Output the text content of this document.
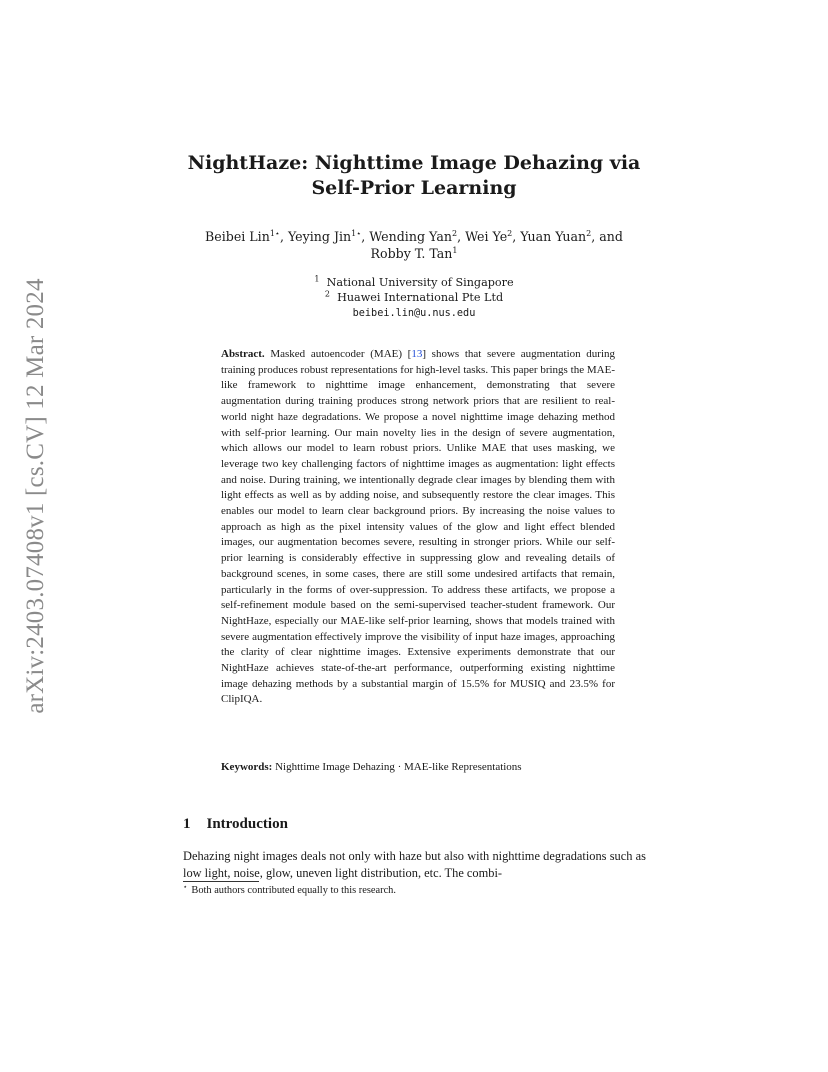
arXiv:2403.07408v1 [cs.CV] 12 Mar 2024
NightHaze: Nighttime Image Dehazing via
Self-Prior Learning

Beibei Lin$^{1⋆}$, Yeying Jin$^{1⋆}$, Wending Yan$^2$, Wei Ye$^2$, Yuan Yuan$^2$, and
Robby T. Tan$^1$

$^1$ National University of Singapore
$^2$ Huawei International Pte Ltd
beibei.lin@u.nus.edu

Abstract. Masked autoencoder (MAE) [13] shows that severe augmentation during training produces robust representations for high-level tasks. This paper brings the MAE-like framework to nighttime image enhancement, demonstrating that severe augmentation during training produces strong network priors that are resilient to real-world night haze degradations. We propose a novel nighttime image dehazing method with self-prior learning. Our main novelty lies in the design of severe augmentation, which allows our model to learn robust priors. Unlike MAE that uses masking, we leverage two key challenging factors of nighttime images as augmentation: light effects and noise. During training, we intentionally degrade clear images by blending them with light effects as well as by adding noise, and subsequently restore the clear images. This enables our model to learn clear background priors. By increasing the noise values to approach as high as the pixel intensity values of the glow and light effect blended images, our augmentation becomes severe, resulting in stronger priors. While our self-prior learning is considerably effective in suppressing glow and revealing details of background scenes, in some cases, there are still some undesired artifacts that remain, particularly in the forms of over-suppression. To address these artifacts, we propose a self-refinement module based on the semi-supervised teacher-student framework. Our NightHaze, especially our MAE-like self-prior learning, shows that models trained with severe augmentation effectively improve the visibility of input haze images, approaching the clarity of clear nighttime images. Extensive experiments demonstrate that our NightHaze achieves state-of-the-art performance, outperforming existing nighttime image dehazing methods by a substantial margin of 15.5% for MUSIQ and 23.5% for ClipIQA.

Keywords: Nighttime Image Dehazing · MAE-like Representations

1 Introduction

Dehazing night images deals not only with haze but also with nighttime degradations such as low light, noise, glow, uneven light distribution, etc. The combi-

⋆ Both authors contributed equally to this research.
